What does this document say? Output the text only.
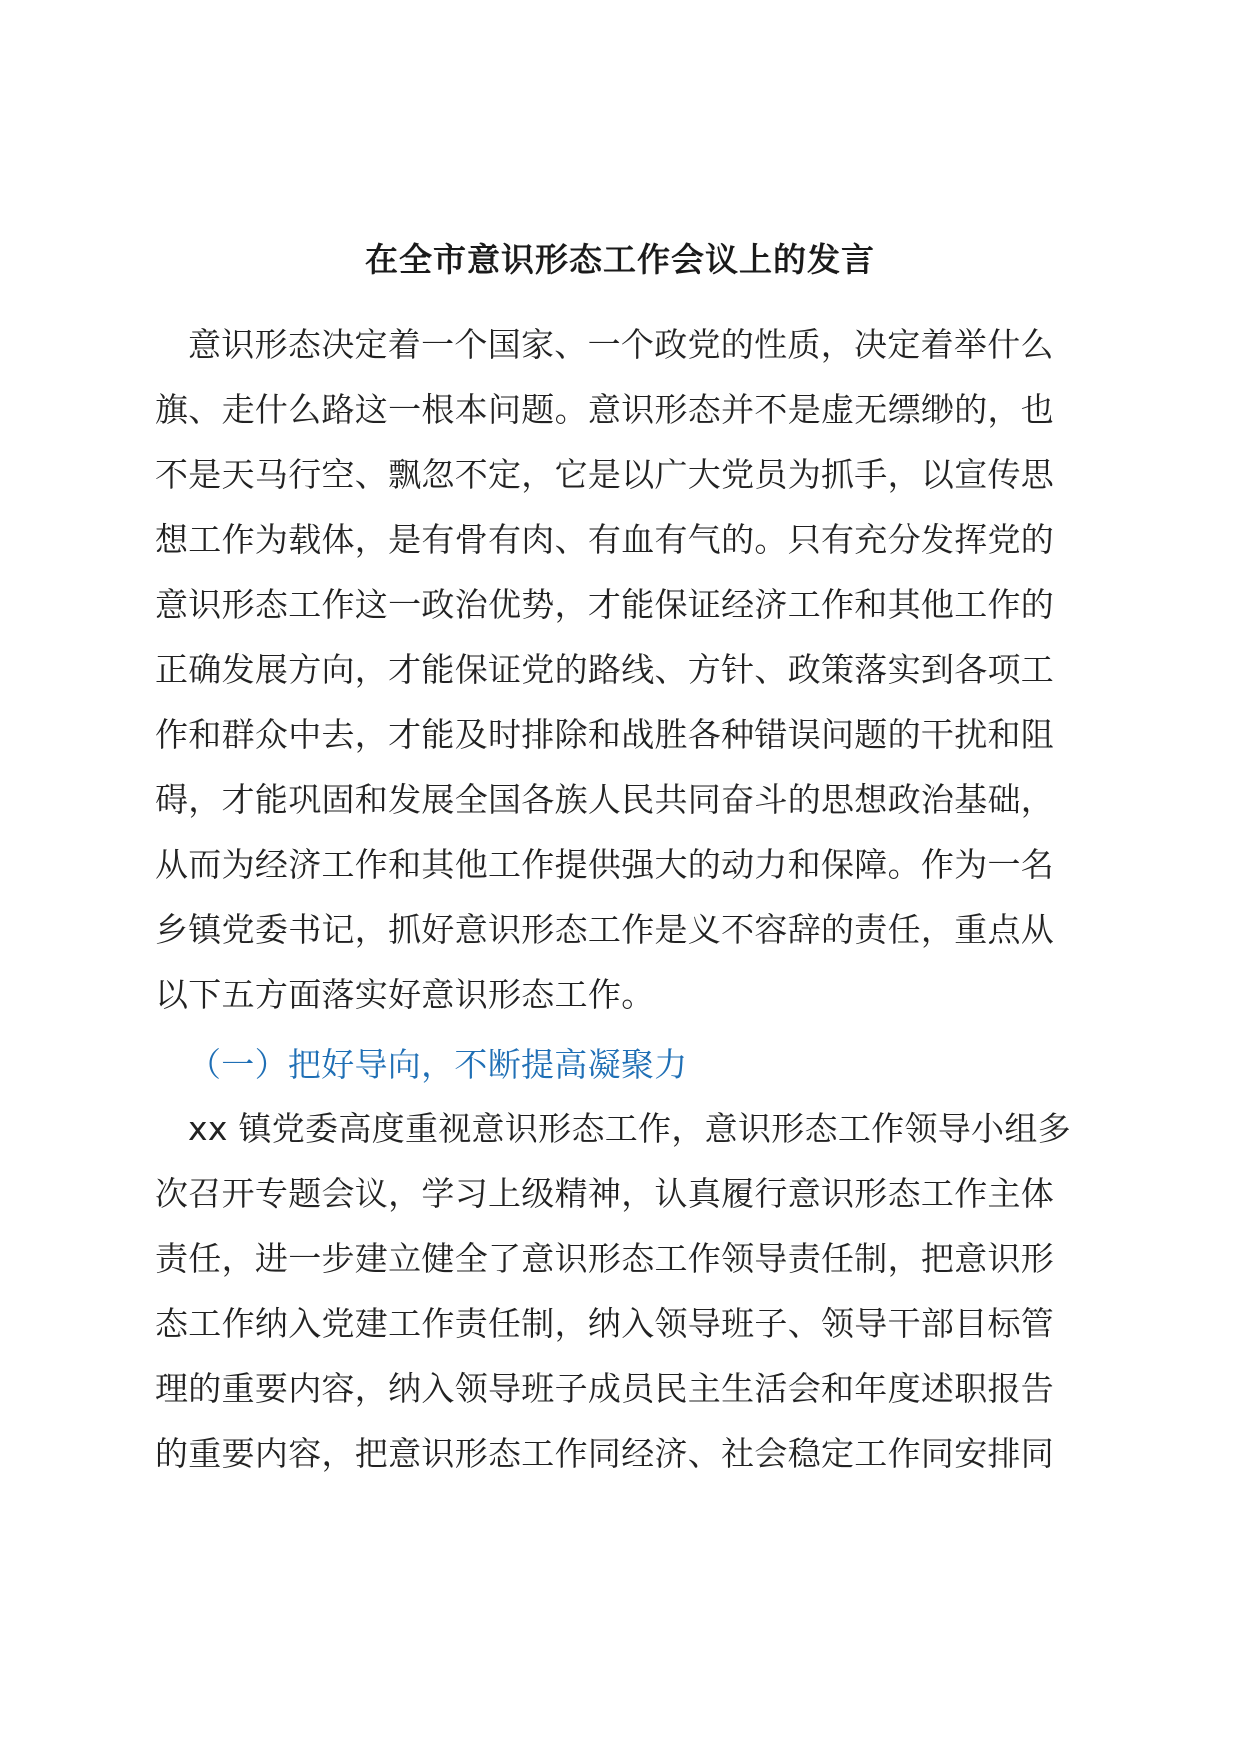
在全市意识形态工作会议上的发言
意识形态决定着一个国家、一个政党的性质，决定着举什么
旗、走什么路这一根本问题。意识形态并不是虚无缥缈的，也
不是天马行空、飘忽不定，它是以广大党员为抓手，以宣传思
想工作为载体，是有骨有肉、有血有气的。只有充分发挥党的
意识形态工作这一政治优势，才能保证经济工作和其他工作的
正确发展方向，才能保证党的路线、方针、政策落实到各项工
作和群众中去，才能及时排除和战胜各种错误问题的干扰和阻
碍，才能巩固和发展全国各族人民共同奋斗的思想政治基础，
从而为经济工作和其他工作提供强大的动力和保障。作为一名
乡镇党委书记，抓好意识形态工作是义不容辞的责任，重点从
以下五方面落实好意识形态工作。
（一）把好导向，不断提高凝聚力
xx 镇党委高度重视意识形态工作，意识形态工作领导小组多
次召开专题会议，学习上级精神，认真履行意识形态工作主体
责任，进一步建立健全了意识形态工作领导责任制，把意识形
态工作纳入党建工作责任制，纳入领导班子、领导干部目标管
理的重要内容，纳入领导班子成员民主生活会和年度述职报告
的重要内容，把意识形态工作同经济、社会稳定工作同安排同
